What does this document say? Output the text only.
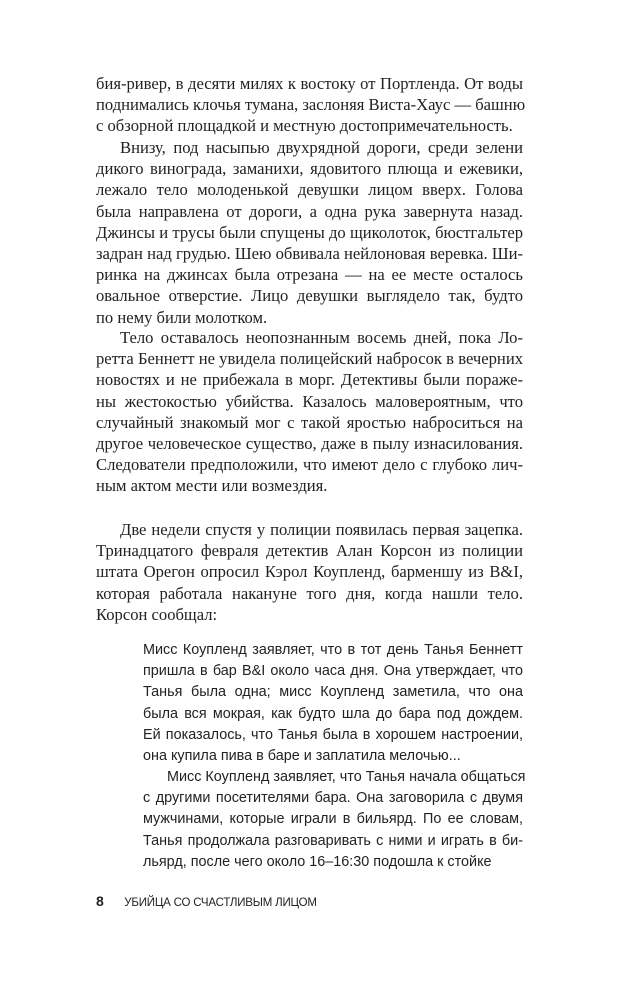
бия-ривер, в десяти милях к востоку от Портленда. От воды
поднимались клочья тумана, заслоняя Виста-Хаус — башню
с обзорной площадкой и местную достопримечательность.
Внизу, под насыпью двухрядной дороги, среди зелени
дикого винограда, заманихи, ядовитого плюща и ежевики,
лежало тело молоденькой девушки лицом вверх. Голова
была направлена от дороги, а одна рука завернута назад.
Джинсы и трусы были спущены до щиколоток, бюстгальтер
задран над грудью. Шею обвивала нейлоновая веревка. Ши-
ринка на джинсах была отрезана — на ее месте осталось
овальное отверстие. Лицо девушки выглядело так, будто
по нему били молотком.
Тело оставалось неопознанным восемь дней, пока Ло-
ретта Беннетт не увидела полицейский набросок в вечерних
новостях и не прибежала в морг. Детективы были пораже-
ны жестокостью убийства. Казалось маловероятным, что
случайный знакомый мог с такой яростью наброситься на
другое человеческое существо, даже в пылу изнасилования.
Следователи предположили, что имеют дело с глубоко лич-
ным актом мести или возмездия.
Две недели спустя у полиции появилась первая зацепка.
Тринадцатого февраля детектив Алан Корсон из полиции
штата Орегон опросил Кэрол Коупленд, барменшу из B&I,
которая работала накануне того дня, когда нашли тело.
Корсон сообщал:
Мисс Коупленд заявляет, что в тот день Танья Беннетт
пришла в бар B&I около часа дня. Она утверждает, что
Танья была одна; мисс Коупленд заметила, что она
была вся мокрая, как будто шла до бара под дождем.
Ей показалось, что Танья была в хорошем настроении,
она купила пива в баре и заплатила мелочью...
Мисс Коупленд заявляет, что Танья начала общаться
с другими посетителями бара. Она заговорила с двумя
мужчинами, которые играли в бильярд. По ее словам,
Танья продолжала разговаривать с ними и играть в би-
льярд, после чего около 16–16:30 подошла к стойке
8 УБИЙЦА СО СЧАСТЛИВЫМ ЛИЦОМ
